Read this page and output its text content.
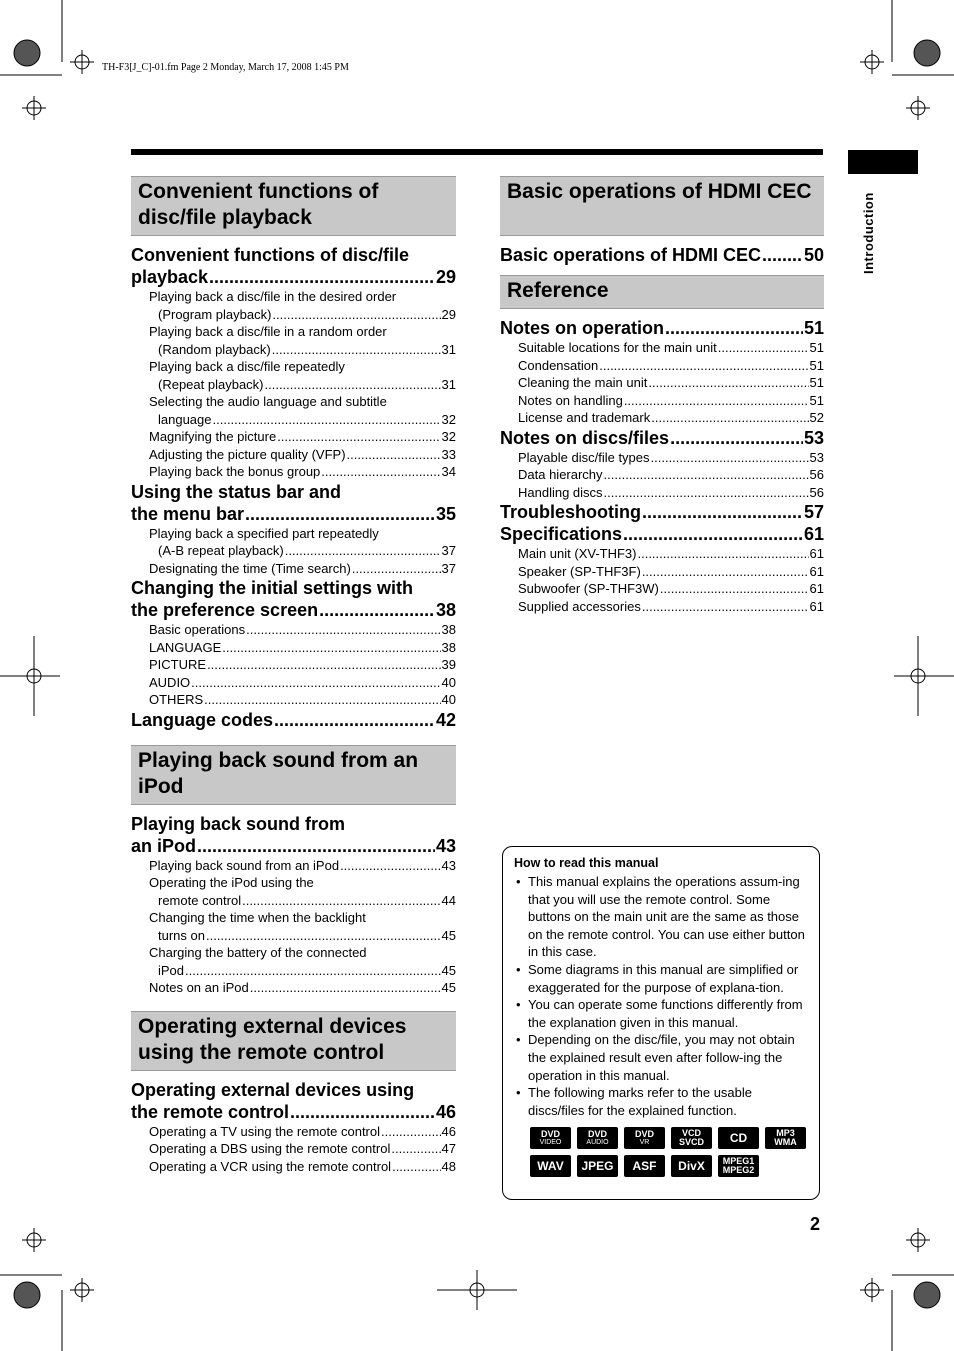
TH-F3[J_C]-01.fm Page 2 Monday, March 17, 2008 1:45 PM
Introduction
Convenient functions of disc/file playback
Convenient functions of disc/file
playback .....	29
Playing back a disc/file in the desired order
(Program playback) .....	29
Playing back a disc/file in a random order
(Random playback) .....	31
Playing back a disc/file repeatedly
(Repeat playback) .....	31
Selecting the audio language and subtitle
language .....	32
Magnifying the picture .....	32
Adjusting the picture quality (VFP) .....	33
Playing back the bonus group .....	34
Using the status bar and
the menu bar .....	35
Playing back a specified part repeatedly
(A-B repeat playback) .....	37
Designating the time (Time search) .....	37
Changing the initial settings with
the preference screen .....	38
Basic operations .....	38
LANGUAGE .....	38
PICTURE .....	39
AUDIO .....	40
OTHERS .....	40
Language codes .....	42
Playing back sound from an iPod
Playing back sound from
an iPod .....	43
Playing back sound from an iPod .....	43
Operating the iPod using the
remote control .....	44
Changing the time when the backlight
turns on .....	45
Charging the battery of the connected
iPod .....	45
Notes on an iPod .....	45
Operating external devices using the remote control
Operating external devices using
the remote control .....	46
Operating a TV using the remote control .....	46
Operating a DBS using the remote control .....	47
Operating a VCR using the remote control .....	48
Basic operations of HDMI CEC
Basic operations of HDMI CEC ..... 50
Reference
Notes on operation .....	51
Suitable locations for the main unit .....	51
Condensation .....	51
Cleaning the main unit .....	51
Notes on handling .....	51
License and trademark .....	52
Notes on discs/files .....	53
Playable disc/file types .....	53
Data hierarchy .....	56
Handling discs .....	56
Troubleshooting .....	57
Specifications .....	61
Main unit (XV-THF3) .....	61
Speaker (SP-THF3F) .....	61
Subwoofer (SP-THF3W) .....	61
Supplied accessories .....	61
How to read this manual
• This manual explains the operations assum-ing that you will use the remote control. Some buttons on the main unit are the same as those on the remote control. You can use either button in this case.
• Some diagrams in this manual are simplified or exaggerated for the purpose of explana-tion.
• You can operate some functions differently from the explanation given in this manual.
• Depending on the disc/file, you may not obtain the explained result even after follow-ing the operation in this manual.
• The following marks refer to the usable discs/files for the explained function.
DVD
VIDEO
DVD
AUDIO
DVD
VR
VCD
SVCD CD	MP3
WMA
WAV JPEG ASF DivX MPEG1
MPEG2
2
